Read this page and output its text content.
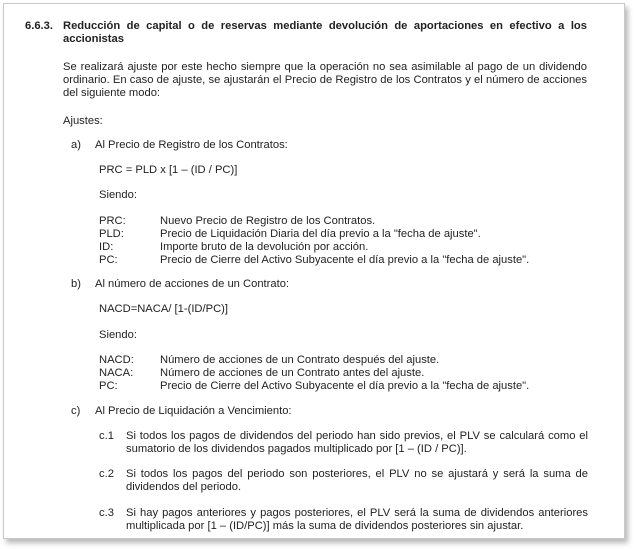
6.6.3. Reducción de capital o de reservas mediante devolución de aportaciones en efectivo a los accionistas
Se realizará ajuste por este hecho siempre que la operación no sea asimilable al pago de un dividendo ordinario. En caso de ajuste, se ajustarán el Precio de Registro de los Contratos y el número de acciones del siguiente modo:
Ajustes:
a) Al Precio de Registro de los Contratos:
PRC = PLD x [1 – (ID / PC)]
Siendo:
PRC:	Nuevo Precio de Registro de los Contratos.
PLD:	Precio de Liquidación Diaria del día previo a la "fecha de ajuste".
ID:	Importe bruto de la devolución por acción.
PC:	Precio de Cierre del Activo Subyacente el día previo a la "fecha de ajuste".
b) Al número de acciones de un Contrato:
NACD=NACA/ [1-(ID/PC)]
Siendo:
NACD: Número de acciones de un Contrato después del ajuste.
NACA: Número de acciones de un Contrato antes del ajuste.
PC:	Precio de Cierre del Activo Subyacente el día previo a la "fecha de ajuste".
c) Al Precio de Liquidación a Vencimiento:
c.1 Si todos los pagos de dividendos del periodo han sido previos, el PLV se calculará como el sumatorio de los dividendos pagados multiplicado por [1 – (ID / PC)].
c.2 Si todos los pagos del periodo son posteriores, el PLV no se ajustará y será la suma de dividendos del periodo.
c.3 Si hay pagos anteriores y pagos posteriores, el PLV será la suma de dividendos anteriores multiplicada por [1 – (ID/PC)] más la suma de dividendos posteriores sin ajustar.
